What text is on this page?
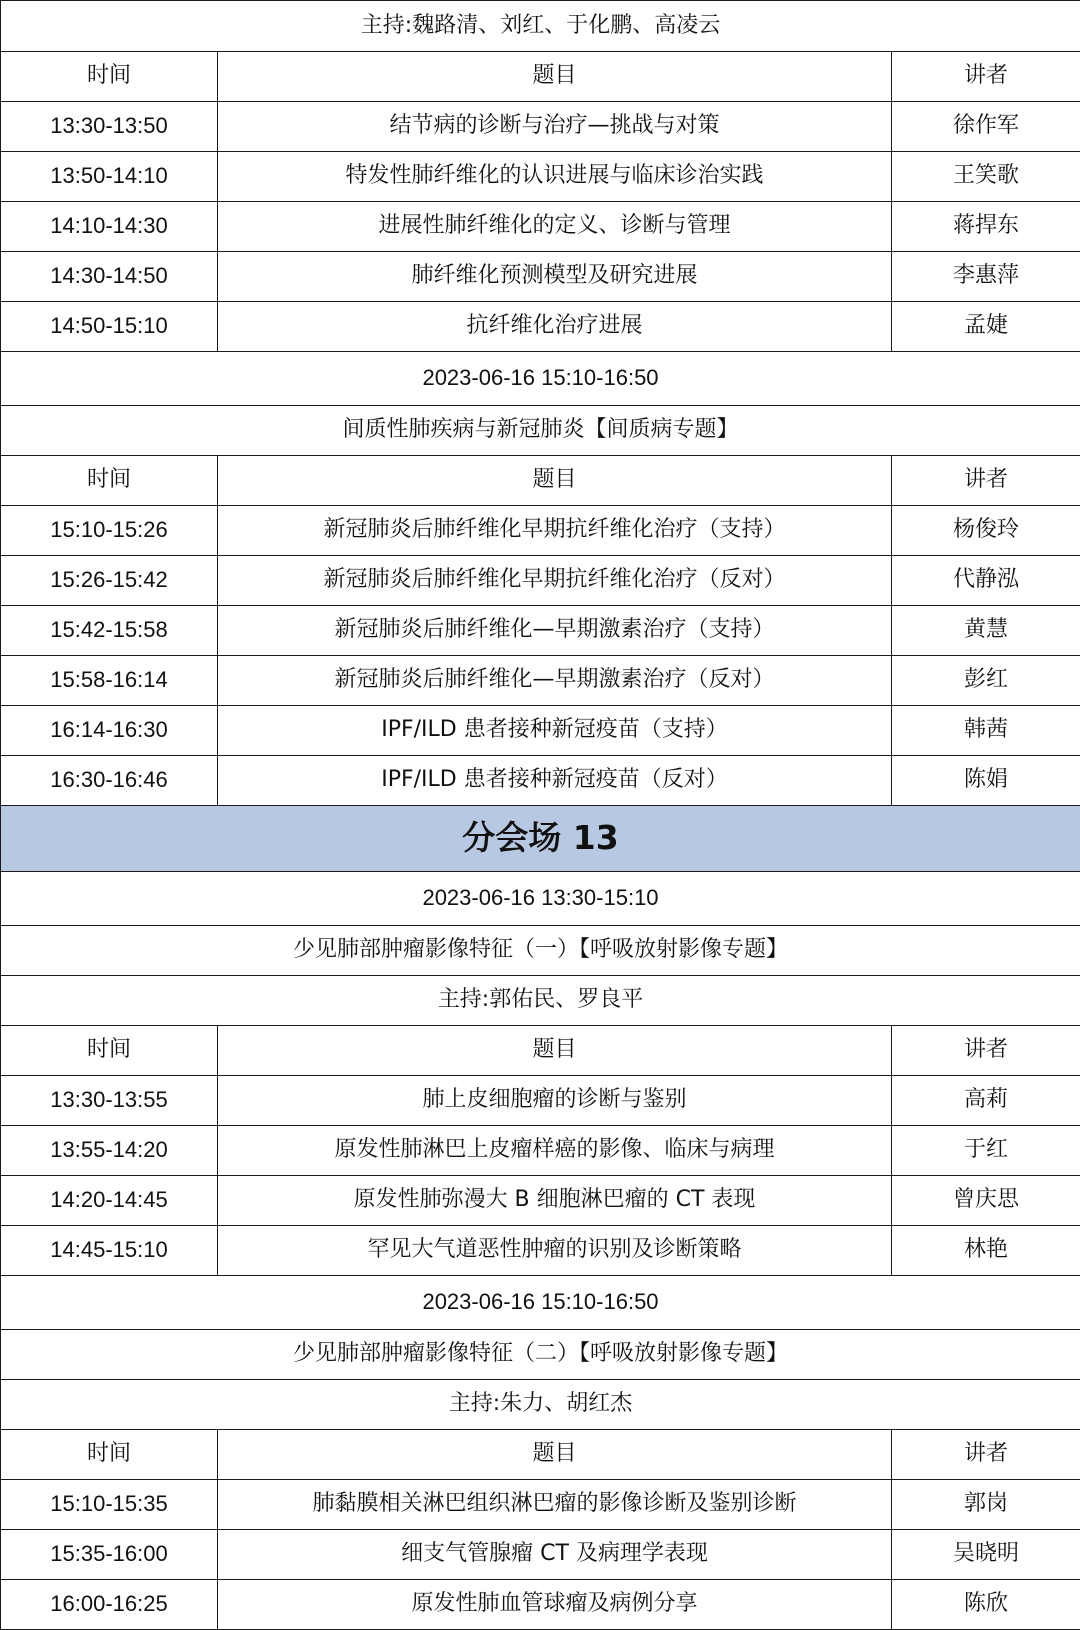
主持:魏路清、刘红、于化鹏、高凌云		
时间	题目	讲者
13:30-13:50	结节病的诊断与治疗—挑战与对策	徐作军
13:50-14:10	特发性肺纤维化的认识进展与临床诊治实践	王笑歌
14:10-14:30	进展性肺纤维化的定义、诊断与管理	蒋捍东
14:30-14:50	肺纤维化预测模型及研究进展	李惠萍
14:50-15:10	抗纤维化治疗进展	孟婕
2023-06-16 15:10-16:50		
间质性肺疾病与新冠肺炎【间质病专题】		
时间	题目	讲者
15:10-15:26	新冠肺炎后肺纤维化早期抗纤维化治疗（支持）	杨俊玲
15:26-15:42	新冠肺炎后肺纤维化早期抗纤维化治疗（反对）	代静泓
15:42-15:58	新冠肺炎后肺纤维化—早期激素治疗（支持）	黄慧
15:58-16:14	新冠肺炎后肺纤维化—早期激素治疗（反对）	彭红
16:14-16:30	IPF/ILD 患者接种新冠疫苗（支持）	韩茜
16:30-16:46	IPF/ILD 患者接种新冠疫苗（反对）	陈娟
分会场 13		
2023-06-16 13:30-15:10		
少见肺部肿瘤影像特征（一）【呼吸放射影像专题】		
主持:郭佑民、罗良平		
时间	题目	讲者
13:30-13:55	肺上皮细胞瘤的诊断与鉴别	高莉
13:55-14:20	原发性肺淋巴上皮瘤样癌的影像、临床与病理	于红
14:20-14:45	原发性肺弥漫大 B 细胞淋巴瘤的 CT 表现	曾庆思
14:45-15:10	罕见大气道恶性肿瘤的识别及诊断策略	林艳
2023-06-16 15:10-16:50		
少见肺部肿瘤影像特征（二）【呼吸放射影像专题】		
主持:朱力、胡红杰		
时间	题目	讲者
15:10-15:35	肺黏膜相关淋巴组织淋巴瘤的影像诊断及鉴别诊断	郭岗
15:35-16:00	细支气管腺瘤 CT 及病理学表现	吴晓明
16:00-16:25	原发性肺血管球瘤及病例分享	陈欣
